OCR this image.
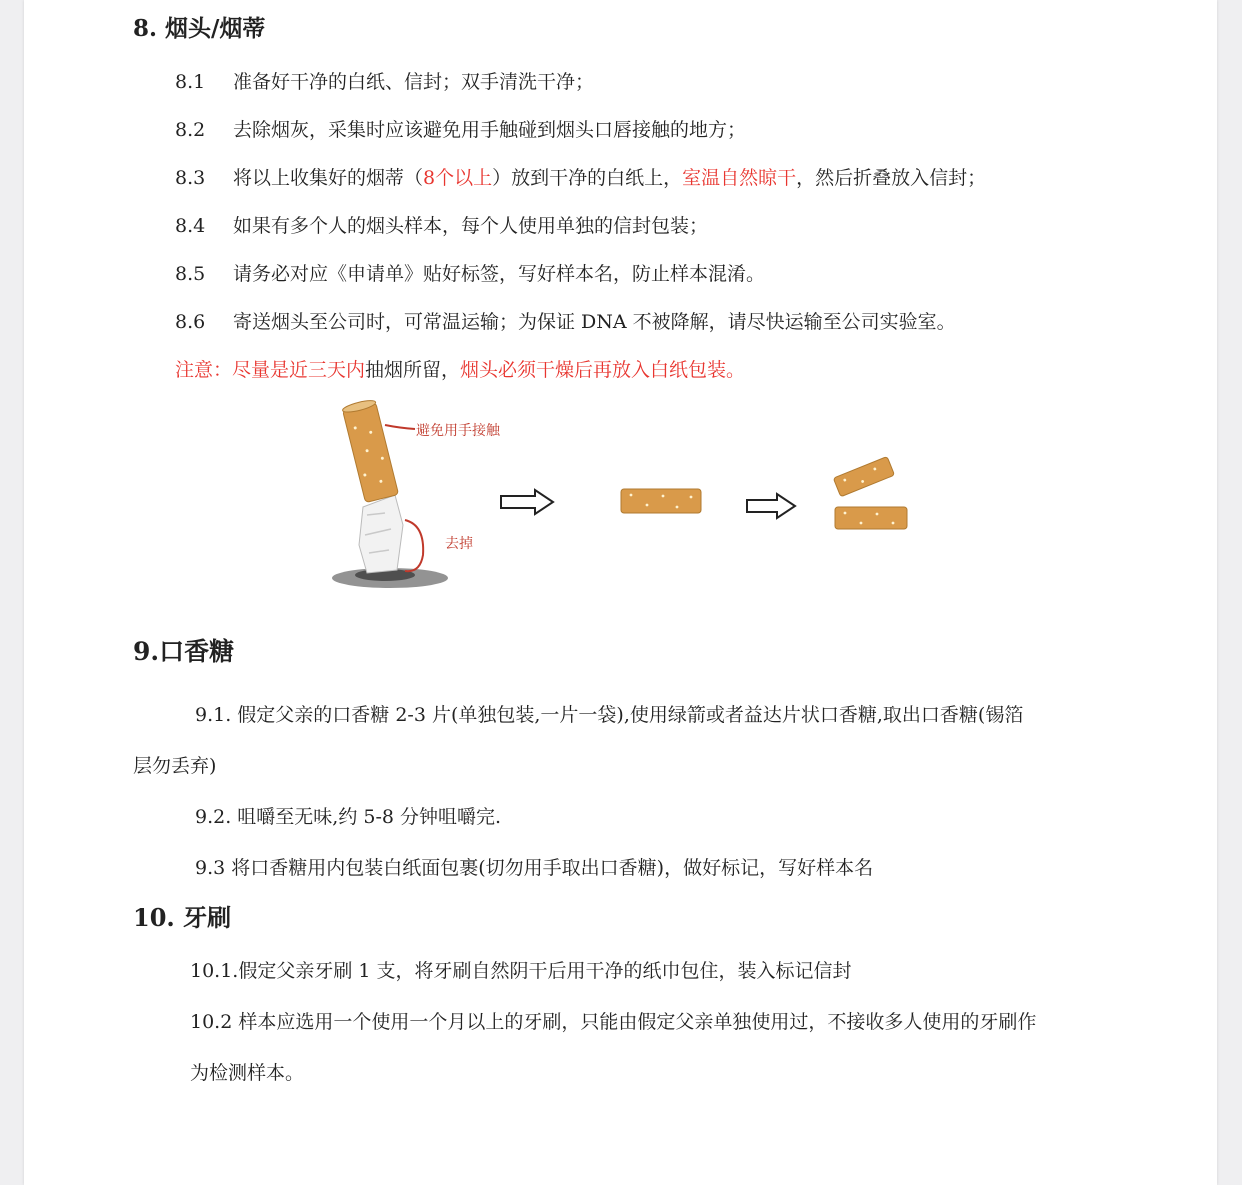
8. 烟头/烟蒂
8.1 准备好干净的白纸、信封；双手清洗干净；
8.2 去除烟灰，采集时应该避免用手触碰到烟头口唇接触的地方；
8.3 将以上收集好的烟蒂（8个以上）放到干净的白纸上，室温自然晾干，然后折叠放入信封；
8.4 如果有多个人的烟头样本，每个人使用单独的信封包装；
8.5 请务必对应《申请单》贴好标签，写好样本名，防止样本混淆。
8.6 寄送烟头至公司时，可常温运输；为保证 DNA 不被降解，请尽快运输至公司实验室。
注意：尽量是近三天内抽烟所留，烟头必须干燥后再放入白纸包装。
避免用手接触
去掉
9.口香糖
9.1. 假定父亲的口香糖 2-3 片(单独包装,一片一袋),使用绿箭或者益达片状口香糖,取出口香糖(锡箔
层勿丢弃)
9.2. 咀嚼至无味,约 5-8 分钟咀嚼完.
9.3 将口香糖用内包装白纸面包裹(切勿用手取出口香糖)，做好标记，写好样本名
10. 牙刷
10.1.假定父亲牙刷 1 支，将牙刷自然阴干后用干净的纸巾包住，装入标记信封
10.2 样本应选用一个使用一个月以上的牙刷，只能由假定父亲单独使用过，不接收多人使用的牙刷作
为检测样本。
